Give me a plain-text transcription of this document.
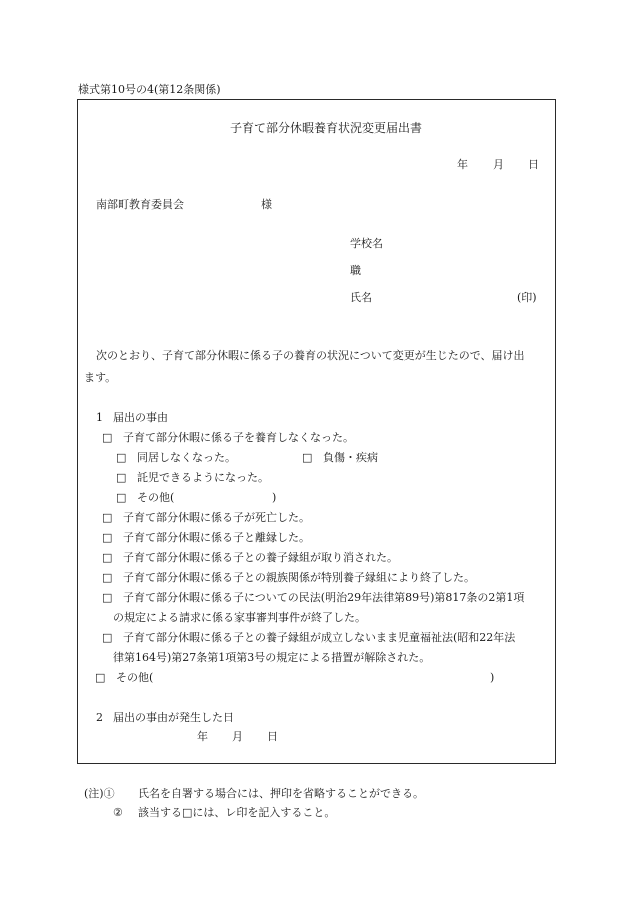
様式第10号の4(第12条関係)
子育て部分休暇養育状況変更届出書
年 月 日
南部町教育委員会	様
学校名
職
氏名	(印)
次のとおり、子育て部分休暇に係る子の養育の状況について変更が生じたので、届け出
ます。
1 届出の事由
□ 子育て部分休暇に係る子を養育しなくなった。
□ 同居しなくなった。	□ 負傷・疾病
□ 託児できるようになった。
□ その他(	)
□ 子育て部分休暇に係る子が死亡した。
□ 子育て部分休暇に係る子と離縁した。
□ 子育て部分休暇に係る子との養子縁組が取り消された。
□ 子育て部分休暇に係る子との親族関係が特別養子縁組により終了した。
□ 子育て部分休暇に係る子についての民法(明治29年法律第89号)第817条の2第1項
の規定による請求に係る家事審判事件が終了した。
□ 子育て部分休暇に係る子との養子縁組が成立しないまま児童福祉法(昭和22年法
律第164号)第27条第1項第3号の規定による措置が解除された。
□ その他(	)
2 届出の事由が発生した日
年 月 日
(注)① 氏名を自署する場合には、押印を省略することができる。
② 該当する□には、レ印を記入すること。
